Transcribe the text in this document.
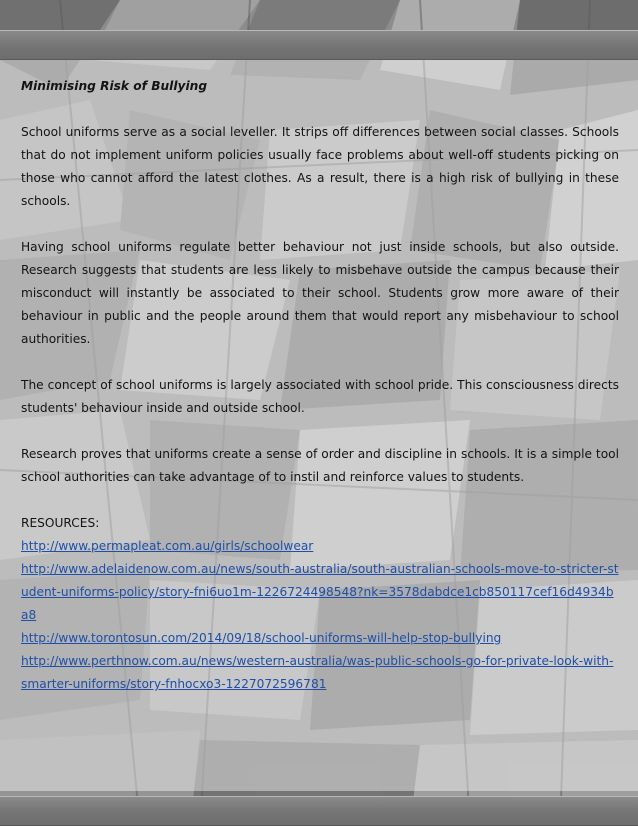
Minimising Risk of Bullying

School uniforms serve as a social leveller. It strips off differences between social classes. Schools that do not implement uniform policies usually face problems about well-off students picking on those who cannot afford the latest clothes. As a result, there is a high risk of bullying in these schools.

Having school uniforms regulate better behaviour not just inside schools, but also outside. Research suggests that students are less likely to misbehave outside the campus because their misconduct will instantly be associated to their school. Students grow more aware of their behaviour in public and the people around them that would report any misbehaviour to school authorities.

The concept of school uniforms is largely associated with school pride. This consciousness directs students' behaviour inside and outside school.

Research proves that uniforms create a sense of order and discipline in schools. It is a simple tool school authorities can take advantage of to instil and reinforce values to students.

RESOURCES:
http://www.permapleat.com.au/girls/schoolwear
http://www.adelaidenow.com.au/news/south-australia/south-australian-schools-move-to-stricter-student-uniforms-policy/story-fni6uo1m-1226724498548?nk=3578dabdce1cb850117cef16d4934ba8
http://www.torontosun.com/2014/09/18/school-uniforms-will-help-stop-bullying
http://www.perthnow.com.au/news/western-australia/was-public-schools-go-for-private-look-with-smarter-uniforms/story-fnhocxo3-1227072596781
